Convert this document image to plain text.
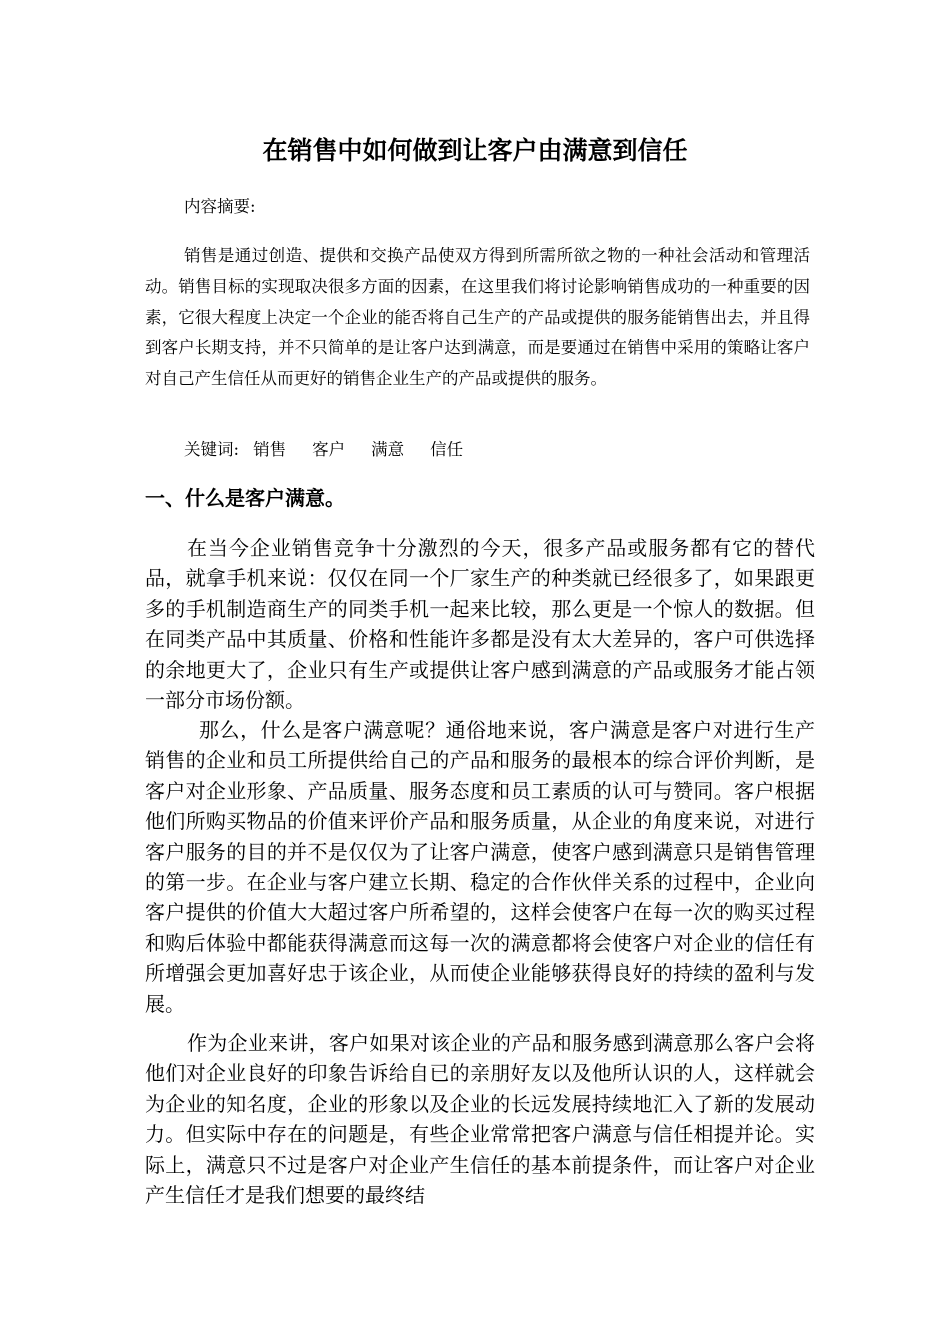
在销售中如何做到让客户由满意到信任

内容摘要:

销售是通过创造、提供和交换产品使双方得到所需所欲之物的一种社会活动和管理活动。销售目标的实现取决很多方面的因素，在这里我们将讨论影响销售成功的一种重要的因素，它很大程度上决定一个企业的能否将自己生产的产品或提供的服务能销售出去，并且得到客户长期支持，并不只简单的是让客户达到满意，而是要通过在销售中采用的策略让客户对自己产生信任从而更好的销售企业生产的产品或提供的服务。

关键词: 销售 客户 满意 信任

一、什么是客户满意。

在当今企业销售竞争十分激烈的今天，很多产品或服务都有它的替代品，就拿手机来说：仅仅在同一个厂家生产的种类就已经很多了，如果跟更多的手机制造商生产的同类手机一起来比较，那么更是一个惊人的数据。但在同类产品中其质量、价格和性能许多都是没有太大差异的，客户可供选择的余地更大了，企业只有生产或提供让客户感到满意的产品或服务才能占领一部分市场份额。

那么，什么是客户满意呢？通俗地来说，客户满意是客户对进行生产销售的企业和员工所提供给自己的产品和服务的最根本的综合评价判断，是客户对企业形象、产品质量、服务态度和员工素质的认可与赞同。客户根据他们所购买物品的价值来评价产品和服务质量，从企业的角度来说，对进行客户服务的目的并不是仅仅为了让客户满意，使客户感到满意只是销售管理的第一步。在企业与客户建立长期、稳定的合作伙伴关系的过程中，企业向客户提供的价值大大超过客户所希望的，这样会使客户在每一次的购买过程和购后体验中都能获得满意而这每一次的满意都将会使客户对企业的信任有所增强会更加喜好忠于该企业，从而使企业能够获得良好的持续的盈利与发展。

作为企业来讲，客户如果对该企业的产品和服务感到满意那么客户会将他们对企业良好的印象告诉给自已的亲朋好友以及他所认识的人，这样就会为企业的知名度，企业的形象以及企业的长远发展持续地汇入了新的发展动力。但实际中存在的问题是，有些企业常常把客户满意与信任相提并论。实际上，满意只不过是客户对企业产生信任的基本前提条件，而让客户对企业产生信任才是我们想要的最终结
